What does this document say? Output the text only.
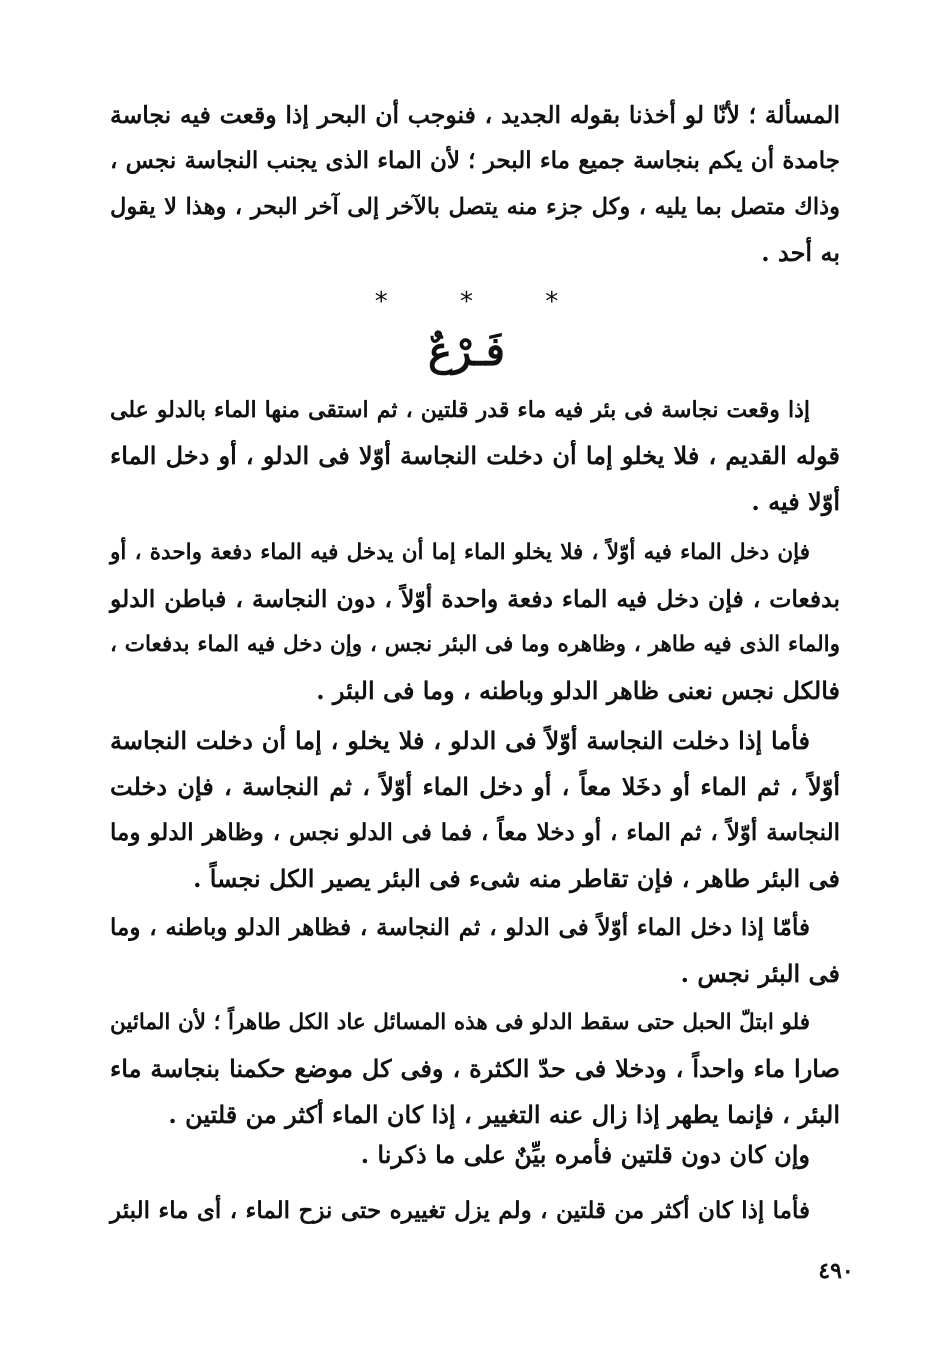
المسألة ؛ لأنّا لو أخذنا بقوله الجديد ، فنوجب أن البحر إذا وقعت فيه نجاسة
جامدة أن يكم بنجاسة جميع ماء البحر ؛ لأن الماء الذى يجنب النجاسة نجس ،
وذاك متصل بما يليه ، وكل جزء منه يتصل بالآخر إلى آخر البحر ، وهذا لا يقول
به أحد .
*	*	*
فَـرْعٌ
إذا وقعت نجاسة فى بئر فيه ماء قدر قلتين ، ثم استقى منها الماء بالدلو على
قوله القديم ، فلا يخلو إما أن دخلت النجاسة أوّلا فى الدلو ، أو دخل الماء
أوّلا فيه .
فإن دخل الماء فيه أوّلاً ، فلا يخلو الماء إما أن يدخل فيه الماء دفعة واحدة ، أو
بدفعات ، فإن دخل فيه الماء دفعة واحدة أوّلاً ، دون النجاسة ، فباطن الدلو
والماء الذى فيه طاهر ، وظاهره وما فى البئر نجس ، وإن دخل فيه الماء بدفعات ،
فالكل نجس نعنى ظاهر الدلو وباطنه ، وما فى البئر .
فأما إذا دخلت النجاسة أوّلاً فى الدلو ، فلا يخلو ، إما أن دخلت النجاسة
أوّلاً ، ثم الماء أو دخَلا معاً ، أو دخل الماء أوّلاً ، ثم النجاسة ، فإن دخلت
النجاسة أوّلاً ، ثم الماء ، أو دخلا معاً ، فما فى الدلو نجس ، وظاهر الدلو وما
فى البئر طاهر ، فإن تقاطر منه شىء فى البئر يصير الكل نجساً .
فأمّا إذا دخل الماء أوّلاً فى الدلو ، ثم النجاسة ، فظاهر الدلو وباطنه ، وما
فى البئر نجس .
فلو ابتلّ الحبل حتى سقط الدلو فى هذه المسائل عاد الكل طاهراً ؛ لأن المائين
صارا ماء واحداً ، ودخلا فى حدّ الكثرة ، وفى كل موضع حكمنا بنجاسة ماء
البئر ، فإنما يطهر إذا زال عنه التغيير ، إذا كان الماء أكثر من قلتين .
وإن كان دون قلتين فأمره بيِّنٌ على ما ذكرنا .
فأما إذا كان أكثر من قلتين ، ولم يزل تغييره حتى نزح الماء ، أى ماء البئر
٤٩٠
